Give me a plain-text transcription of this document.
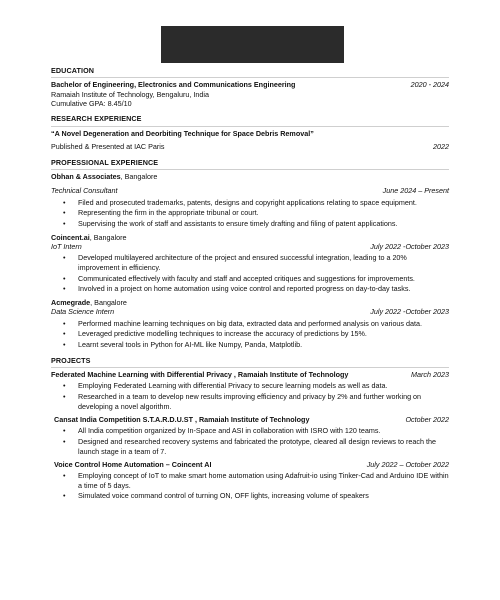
EDUCATION
Bachelor of Engineering, Electronics and Communications Engineering	2020 - 2024
Ramaiah Institute of Technology, Bengaluru, India
Cumulative GPA: 8.45/10
RESEARCH EXPERIENCE
“A Novel Degeneration and Deorbiting Technique for Space Debris Removal”
Published & Presented at IAC Paris	2022
PROFESSIONAL EXPERIENCE
Obhan & Associates, Bangalore
Technical Consultant	June 2024 – Present
• Filed and prosecuted trademarks, patents, designs and copyright applications relating to space equipment.
• Representing the firm in the appropriate tribunal or court.
• Supervising the work of staff and assistants to ensure timely drafting and filing of patent applications.
Coincent.ai, Bangalore
IoT Intern	July 2022 -October 2023
• Developed multilayered architecture of the project and ensured successful integration, leading to a 20% improvement in efficiency.
• Communicated effectively with faculty and staff and accepted critiques and suggestions for improvements.
• Involved in a project on home automation using voice control and reported progress on day-to-day tasks.
Acmegrade, Bangalore
Data Science Intern	July 2022 -October 2023
• Performed machine learning techniques on big data, extracted data and performed analysis on various data.
• Leveraged predictive modelling techniques to increase the accuracy of predictions by 15%.
• Learnt several tools in Python for AI-ML like Numpy, Panda, Matplotlib.
PROJECTS
Federated Machine Learning with Differential Privacy , Ramaiah Institute of Technology	March 2023
• Employing Federated Learning with differential Privacy to secure learning models as well as data.
• Researched in a team to develop new results improving efficiency and privacy by 2% and further working on developing a novel algorithm.
Cansat India Competition S.T.A.R.D.U.ST , Ramaiah Institute of Technology	October 2022
• All India competition organized by In-Space and ASI in collaboration with ISRO with 120 teams.
• Designed and researched recovery systems and fabricated the prototype, cleared all design reviews to reach the launch stage in a team of 7.
Voice Control Home Automation – Coincent AI	July 2022 – October 2022
• Employing concept of IoT to make smart home automation using Adafruit-io using Tinker-Cad and Arduino IDE within a time of 5 days.
• Simulated voice command control of turning ON, OFF lights, increasing volume of speakers
